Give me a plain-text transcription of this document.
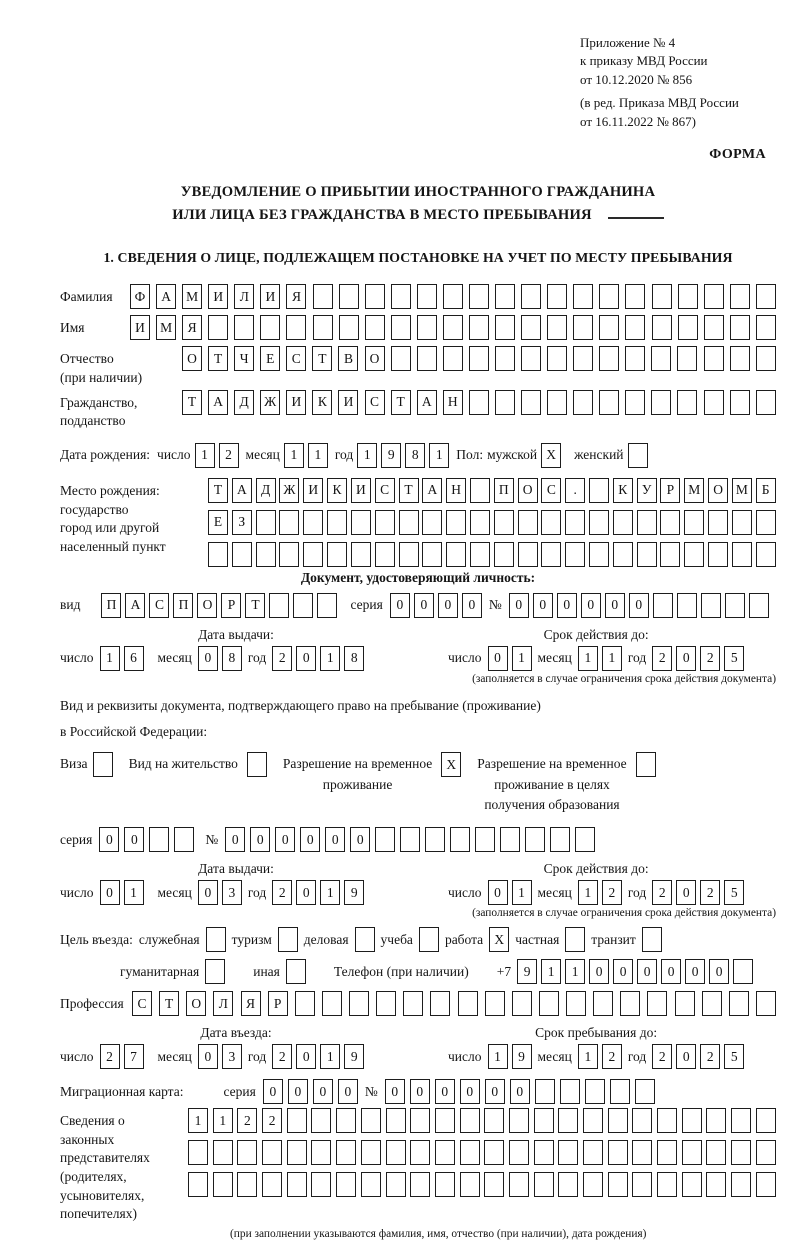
Приложение № 4
к приказу МВД России
от 10.12.2020 № 856
(в ред. Приказа МВД России
от 16.11.2022 № 867)
ФОРМА
УВЕДОМЛЕНИЕ О ПРИБЫТИИ ИНОСТРАННОГО ГРАЖДАНИНА
ИЛИ ЛИЦА БЕЗ ГРАЖДАНСТВА В МЕСТО ПРЕБЫВАНИЯ
1. СВЕДЕНИЯ О ЛИЦЕ, ПОДЛЕЖАЩЕМ ПОСТАНОВКЕ НА УЧЕТ ПО МЕСТУ ПРЕБЫВАНИЯ
Фамилия	Ф	А	М	И	Л	И	Я
Имя	И	М	Я
Отчество
(при наличии)
О	Т	Ч	Е	С	Т	В	О
Гражданство,
подданство
Т	А	Д	Ж	И	К	И	С	Т	А	Н
Дата рождения: число 1	2	месяц 1	1	год 1	9	8	1	Пол: мужской X	женский
Место рождения:
государство
город или другой
населенный пункт
Т	А	Д Ж И	К	И	С	Т	А	Н	П	О	С	.	К	У	Р	М О М	Б
Е	З
Документ, удостоверяющий личность:
вид	П	А	С	П	О	Р	Т	серия	0	0	0	0	№	0	0	0	0	0	0
Дата выдачи:
число 1	6	месяц 0	8 год 2	0	1	8
Срок действия до:
число 0	1 месяц 1	1 год 2	0	2	5
(заполняется в случае ограничения срока действия документа)
Вид и реквизиты документа, подтверждающего право на пребывание (проживание)
в Российской Федерации:
Виза	Вид на жительство	Разрешение на временное
проживание
X	Разрешение на временное
проживание в целях
получения образования
серия	0	0	№	0	0	0	0	0	0
Дата выдачи:
число 0	1	месяц 0	3 год 2	0	1	9
Срок действия до:
число 0	1 месяц 1	2 год 2	0	2	5
(заполняется в случае ограничения срока действия документа)
Цель въезда: служебная туризм деловая учеба работа X частная транзит
гуманитарная	иная	Телефон (при наличии) +7 9	1	1	0	0	0	0	0	0
Профессия	С	Т	О	Л	Я	Р
Дата въезда:
число 2	7	месяц 0	3 год 2	0	1	9
Срок пребывания до:
число 1	9 месяц 1	2 год 2	0	2	5
Миграционная карта:	серия	0	0	0	0	№	0	0	0	0	0	0
Сведения о
законных
представителях
(родителях,
усыновителях,
попечителях)
1	1	2	2
(при заполнении указываются фамилия, имя, отчество (при наличии), дата рождения)
